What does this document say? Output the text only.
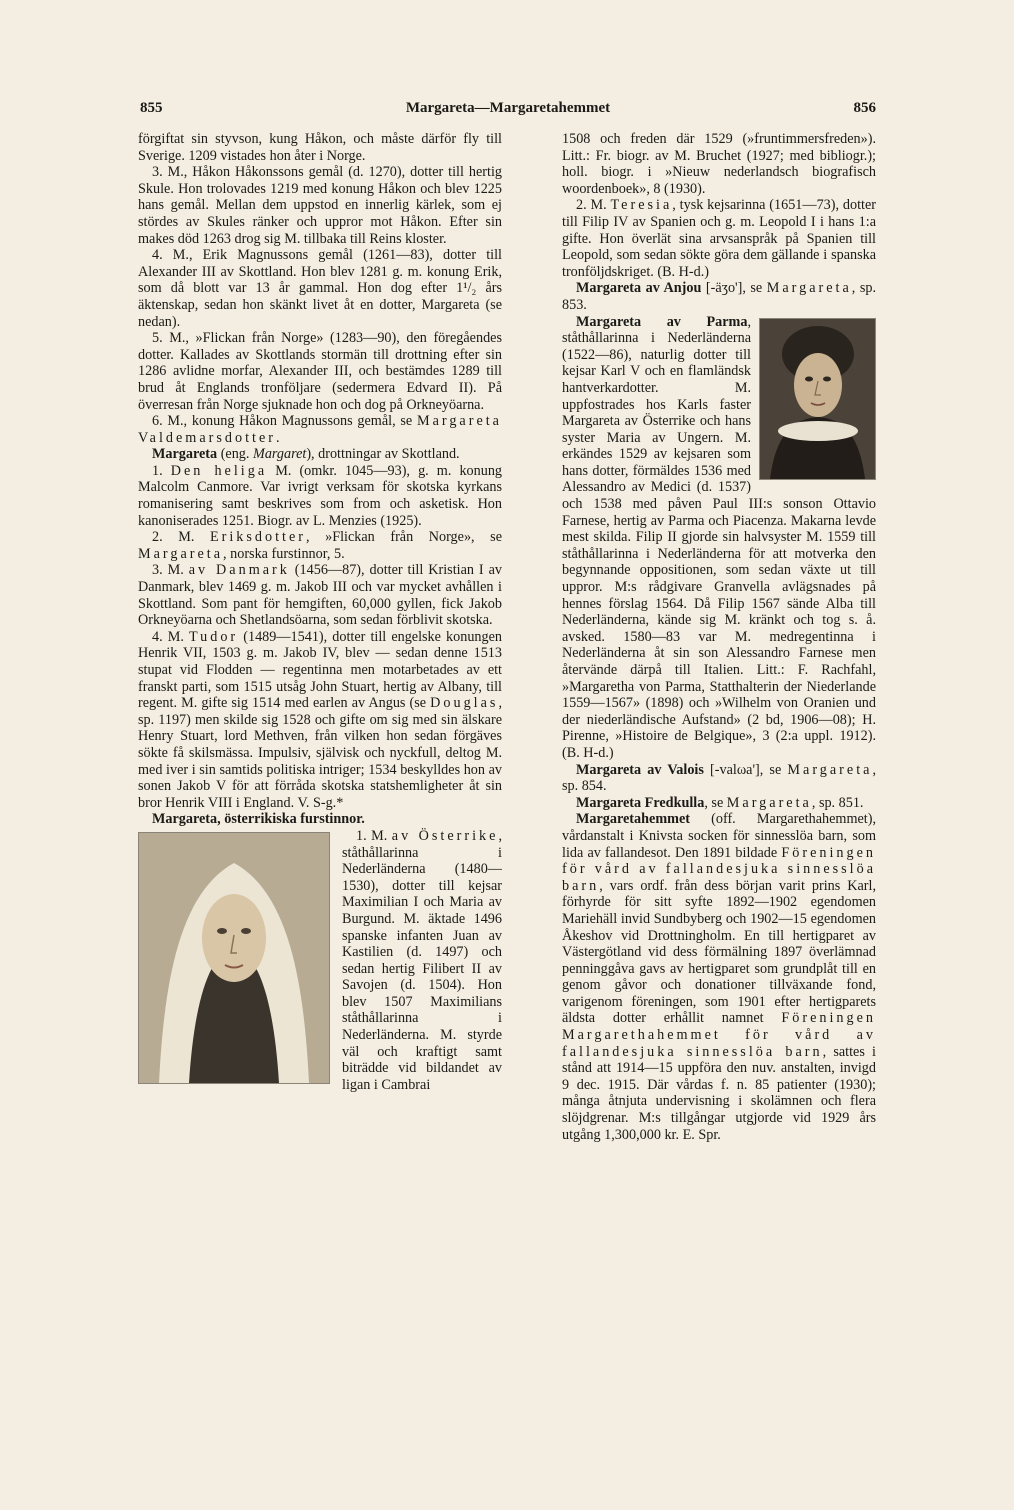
855	Margareta—Margaretahemmet	856

förgiftat sin styvson, kung Håkon, och måste därför fly till Sverige. 1209 vistades hon åter i Norge.

3. M., Håkon Håkonssons gemål (d. 1270), dotter till hertig Skule. Hon trolovades 1219 med konung Håkon och blev 1225 hans gemål. Mellan dem uppstod en innerlig kärlek, som ej stördes av Skules ränker och uppror mot Håkon. Efter sin makes död 1263 drog sig M. tillbaka till Reins kloster.

4. M., Erik Magnussons gemål (1261—83), dotter till Alexander III av Skottland. Hon blev 1281 g. m. konung Erik, som då blott var 13 år gammal. Hon dog efter 1¹/₂ års äktenskap, sedan hon skänkt livet åt en dotter, Margareta (se nedan).

5. M., »Flickan från Norge» (1283—90), den föregåendes dotter. Kallades av Skottlands stormän till drottning efter sin 1286 avlidne morfar, Alexander III, och bestämdes 1289 till brud åt Englands tronföljare (sedermera Edvard II). På överresan från Norge sjuknade hon och dog på Orkneyöarna.

6. M., konung Håkon Magnussons gemål, se Margareta Valdemarsdotter.

Margareta (eng. Margaret), drottningar av Skottland.

1. Den heliga M. (omkr. 1045—93), g. m. konung Malcolm Canmore. Var ivrigt verksam för skotska kyrkans romanisering samt beskrives som from och asketisk. Hon kanoniserades 1251. Biogr. av L. Menzies (1925).

2. M. Eriksdotter, »Flickan från Norge», se Margareta, norska furstinnor, 5.

3. M. av Danmark (1456—87), dotter till Kristian I av Danmark, blev 1469 g. m. Jakob III och var mycket avhållen i Skottland. Som pant för hemgiften, 60,000 gyllen, fick Jakob Orkneyöarna och Shetlandsöarna, som sedan förblivit skotska.

4. M. Tudor (1489—1541), dotter till engelske konungen Henrik VII, 1503 g. m. Jakob IV, blev — sedan denne 1513 stupat vid Flodden — regentinna men motarbetades av ett franskt parti, som 1515 utsåg John Stuart, hertig av Albany, till regent. M. gifte sig 1514 med earlen av Angus (se Douglas, sp. 1197) men skilde sig 1528 och gifte om sig med sin älskare Henry Stuart, lord Methven, från vilken hon sedan förgäves sökte få skilsmässa. Impulsiv, självisk och nyckfull, deltog M. med iver i sin samtids politiska intriger; 1534 beskylldes hon av sonen Jakob V för att förråda skotska statshemligheter åt sin bror Henrik VIII i England. V. S-g.*

Margareta, österrikiska furstinnor.

1. M. av Österrike, ståthållarinna i Nederländerna (1480—1530), dotter till kejsar Maximilian I och Maria av Burgund. M. äktade 1496 spanske infanten Juan av Kastilien (d. 1497) och sedan hertig Filibert II av Savojen (d. 1504). Hon blev 1507 Maximilians ståthållarinna i Nederländerna. M. styrde väl och kraftigt samt biträdde vid bildandet av ligan i Cambrai

1508 och freden där 1529 (»fruntimmersfreden»). Litt.: Fr. biogr. av M. Bruchet (1927; med bibliogr.); holl. biogr. i »Nieuw nederlandsch biografisch woordenboek», 8 (1930).

2. M. Teresia, tysk kejsarinna (1651—73), dotter till Filip IV av Spanien och g. m. Leopold I i hans 1:a gifte. Hon överlät sina arvsanspråk på Spanien till Leopold, som sedan sökte göra dem gällande i spanska tronföljdskriget. (B. H-d.)

Margareta av Anjou [-äʒo'], se Margareta, sp. 853.

Margareta av Parma, ståthållarinna i Nederländerna (1522—86), naturlig dotter till kejsar Karl V och en flamländsk hantverkardotter. M. uppfostrades hos Karls faster Margareta av Österrike och hans syster Maria av Ungern. M. erkändes 1529 av kejsaren som hans dotter, förmäldes 1536 med Alessandro av Medici (d. 1537) och 1538 med påven Paul III:s sonson Ottavio Farnese, hertig av Parma och Piacenza. Makarna levde mest skilda. Filip II gjorde sin halvsyster M. 1559 till ståthållarinna i Nederländerna för att motverka den begynnande oppositionen, som sedan växte ut till uppror. M:s rådgivare Granvella avlägsnades på hennes förslag 1564. Då Filip 1567 sände Alba till Nederländerna, kände sig M. kränkt och tog s. å. avsked. 1580—83 var M. medregentinna i Nederländerna åt sin son Alessandro Farnese men återvände därpå till Italien. Litt.: F. Rachfahl, »Margaretha von Parma, Statthalterin der Niederlande 1559—1567» (1898) och »Wilhelm von Oranien und der niederländische Aufstand» (2 bd, 1906—08); H. Pirenne, »Histoire de Belgique», 3 (2:a uppl. 1912). (B. H-d.)

Margareta av Valois [-valωa'], se Margareta, sp. 854.

Margareta Fredkulla, se Margareta, sp. 851.

Margaretahemmet (off. Margarethahemmet), vårdanstalt i Knivsta socken för sinnesslöa barn, som lida av fallandesot. Den 1891 bildade Föreningen för vård av fallandesjuka sinnesslöa barn, vars ordf. från dess början varit prins Karl, förhyrde för sitt syfte 1892—1902 egendomen Mariehäll invid Sundbyberg och 1902—15 egendomen Åkeshov vid Drottningholm. En till hertigparet av Västergötland vid dess förmälning 1897 överlämnad penninggåva gavs av hertigparet som grundplåt till en genom gåvor och donationer tillväxande fond, varigenom föreningen, som 1901 efter hertigparets äldsta dotter erhållit namnet Föreningen Margarethahemmet för vård av fallandesjuka sinnesslöa barn, sattes i stånd att 1914—15 uppföra den nuv. anstalten, invigd 9 dec. 1915. Där vårdas f. n. 85 patienter (1930); många åtnjuta undervisning i skolämnen och flera slöjdgrenar. M:s tillgångar utgjorde vid 1929 års utgång 1,300,000 kr. E. Spr.
